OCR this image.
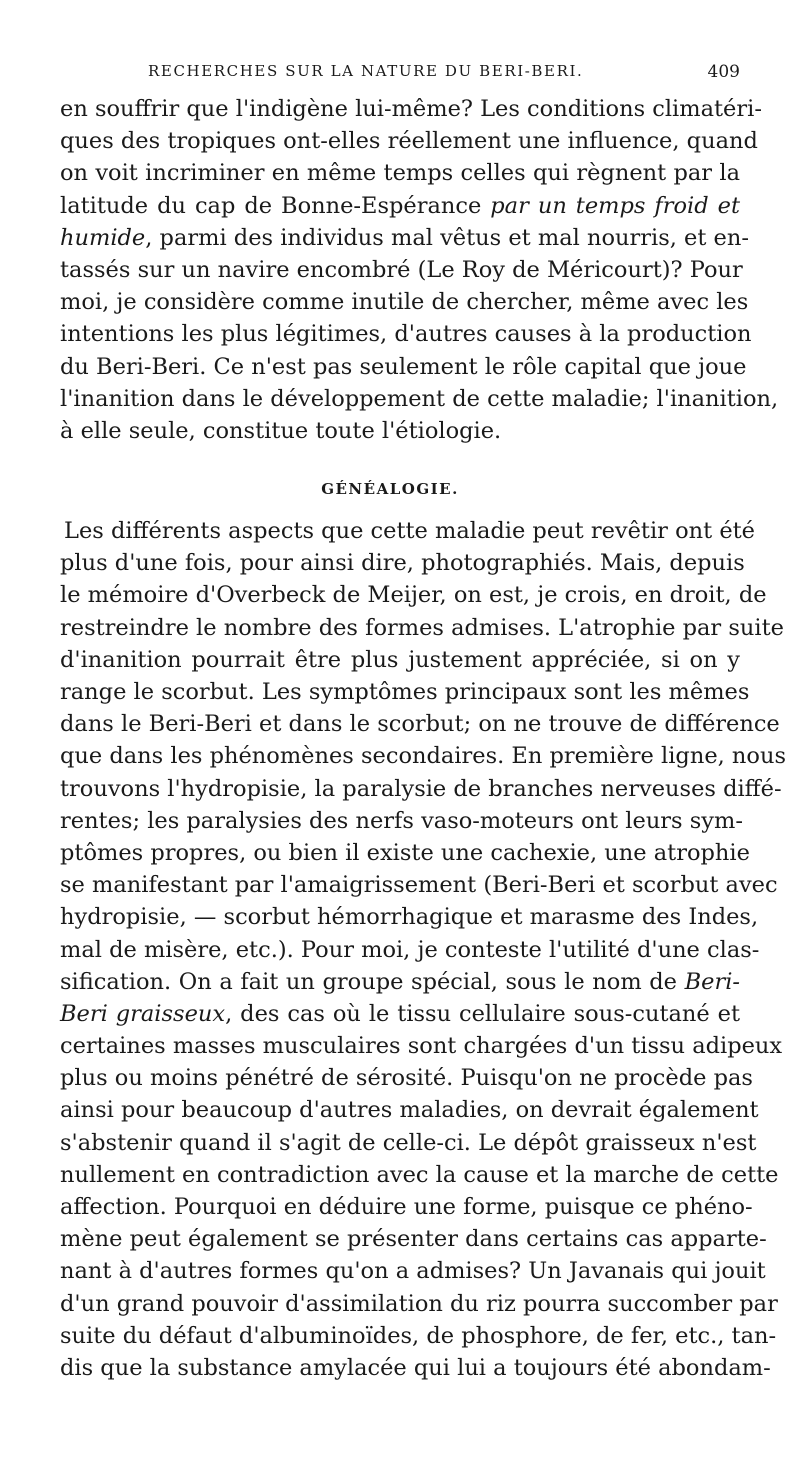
RECHERCHES SUR LA NATURE DU BERI-BERI.	409
en souffrir que l'indigène lui-même? Les conditions climatéri-
ques des tropiques ont-elles réellement une influence, quand
on voit incriminer en même temps celles qui règnent par la
latitude du cap de Bonne-Espérance par un temps froid et
humide, parmi des individus mal vêtus et mal nourris, et en-
tassés sur un navire encombré (Le Roy de Méricourt)? Pour
moi, je considère comme inutile de chercher, même avec les
intentions les plus légitimes, d'autres causes à la production
du Beri-Beri. Ce n'est pas seulement le rôle capital que joue
l'inanition dans le développement de cette maladie; l'inanition,
à elle seule, constitue toute l'étiologie.
GÉNÉALOGIE.
Les différents aspects que cette maladie peut revêtir ont été
plus d'une fois, pour ainsi dire, photographiés. Mais, depuis
le mémoire d'Overbeck de Meijer, on est, je crois, en droit, de
restreindre le nombre des formes admises. L'atrophie par suite
d'inanition pourrait être plus justement appréciée, si on y
range le scorbut. Les symptômes principaux sont les mêmes
dans le Beri-Beri et dans le scorbut; on ne trouve de différence
que dans les phénomènes secondaires. En première ligne, nous
trouvons l'hydropisie, la paralysie de branches nerveuses diffé-
rentes; les paralysies des nerfs vaso-moteurs ont leurs sym-
ptômes propres, ou bien il existe une cachexie, une atrophie
se manifestant par l'amaigrissement (Beri-Beri et scorbut avec
hydropisie, — scorbut hémorrhagique et marasme des Indes,
mal de misère, etc.). Pour moi, je conteste l'utilité d'une clas-
sification. On a fait un groupe spécial, sous le nom de Beri-
Beri graisseux, des cas où le tissu cellulaire sous-cutané et
certaines masses musculaires sont chargées d'un tissu adipeux
plus ou moins pénétré de sérosité. Puisqu'on ne procède pas
ainsi pour beaucoup d'autres maladies, on devrait également
s'abstenir quand il s'agit de celle-ci. Le dépôt graisseux n'est
nullement en contradiction avec la cause et la marche de cette
affection. Pourquoi en déduire une forme, puisque ce phéno-
mène peut également se présenter dans certains cas apparte-
nant à d'autres formes qu'on a admises? Un Javanais qui jouit
d'un grand pouvoir d'assimilation du riz pourra succomber par
suite du défaut d'albuminoïdes, de phosphore, de fer, etc., tan-
dis que la substance amylacée qui lui a toujours été abondam-
